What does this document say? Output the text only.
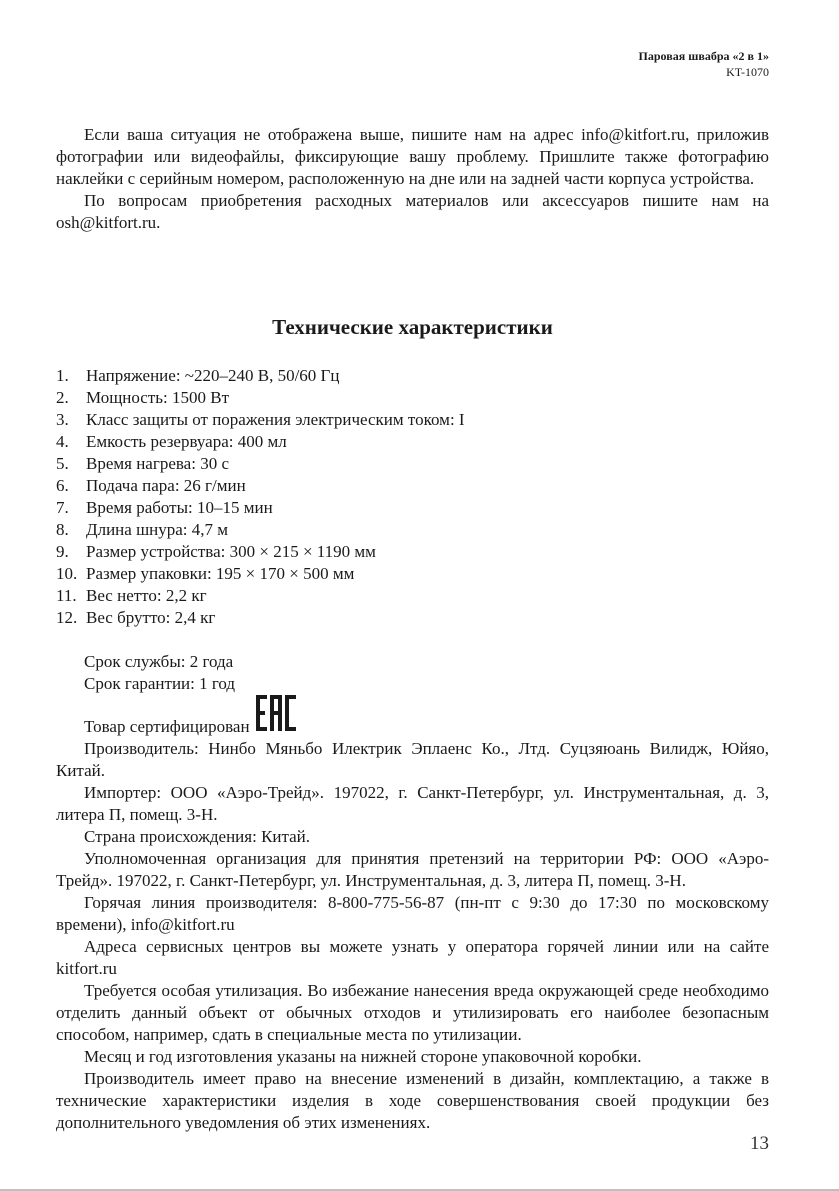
Паровая швабра «2 в 1»
KT-1070

Если ваша ситуация не отображена выше, пишите нам на адрес info@kitfort.ru, приложив фотографии или видеофайлы, фиксирующие вашу проблему. Пришлите также фотографию наклейки с серийным номером, расположенную на дне или на задней части корпуса устройства.

По вопросам приобретения расходных материалов или аксессуаров пишите нам на osh@kitfort.ru.

Технические характеристики
1.	Напряжение: ~220–240 В, 50/60 Гц
2.	Мощность: 1500 Вт
3.	Класс защиты от поражения электрическим током: I
4.	Емкость резервуара: 400 мл
5.	Время нагрева: 30 с
6.	Подача пара: 26 г/мин
7.	Время работы: 10–15 мин
8.	Длина шнура: 4,7 м
9.	Размер устройства: 300 × 215 × 1190 мм
10. Размер упаковки: 195 × 170 × 500 мм
11. Вес нетто: 2,2 кг
12. Вес брутто: 2,4 кг
Срок службы: 2 года
Срок гарантии: 1 год
Товар сертифицирован

Производитель: Нинбо Мяньбо Илектрик Эплаенс Ко., Лтд. Суцзяюань Вилидж, Юйяо, Китай.

Импортер: ООО «Аэро-Трейд». 197022, г. Санкт-Петербург, ул. Инструментальная, д. 3, литера П, помещ. 3-Н.

Страна происхождения: Китай.

Уполномоченная организация для принятия претензий на территории РФ: ООО «Аэро-Трейд». 197022, г. Санкт-Петербург, ул. Инструментальная, д. 3, литера П, помещ. 3-Н.

Горячая линия производителя: 8-800-775-56-87 (пн-пт с 9:30 до 17:30 по московскому времени), info@kitfort.ru

Адреса сервисных центров вы можете узнать у оператора горячей линии или на сайте kitfort.ru

Требуется особая утилизация. Во избежание нанесения вреда окружающей среде необходимо отделить данный объект от обычных отходов и утилизировать его наиболее безопасным способом, например, сдать в специальные места по утилизации.

Месяц и год изготовления указаны на нижней стороне упаковочной коробки.

Производитель имеет право на внесение изменений в дизайн, комплектацию, а также в технические характеристики изделия в ходе совершенствования своей продукции без дополнительного уведомления об этих изменениях.

13
